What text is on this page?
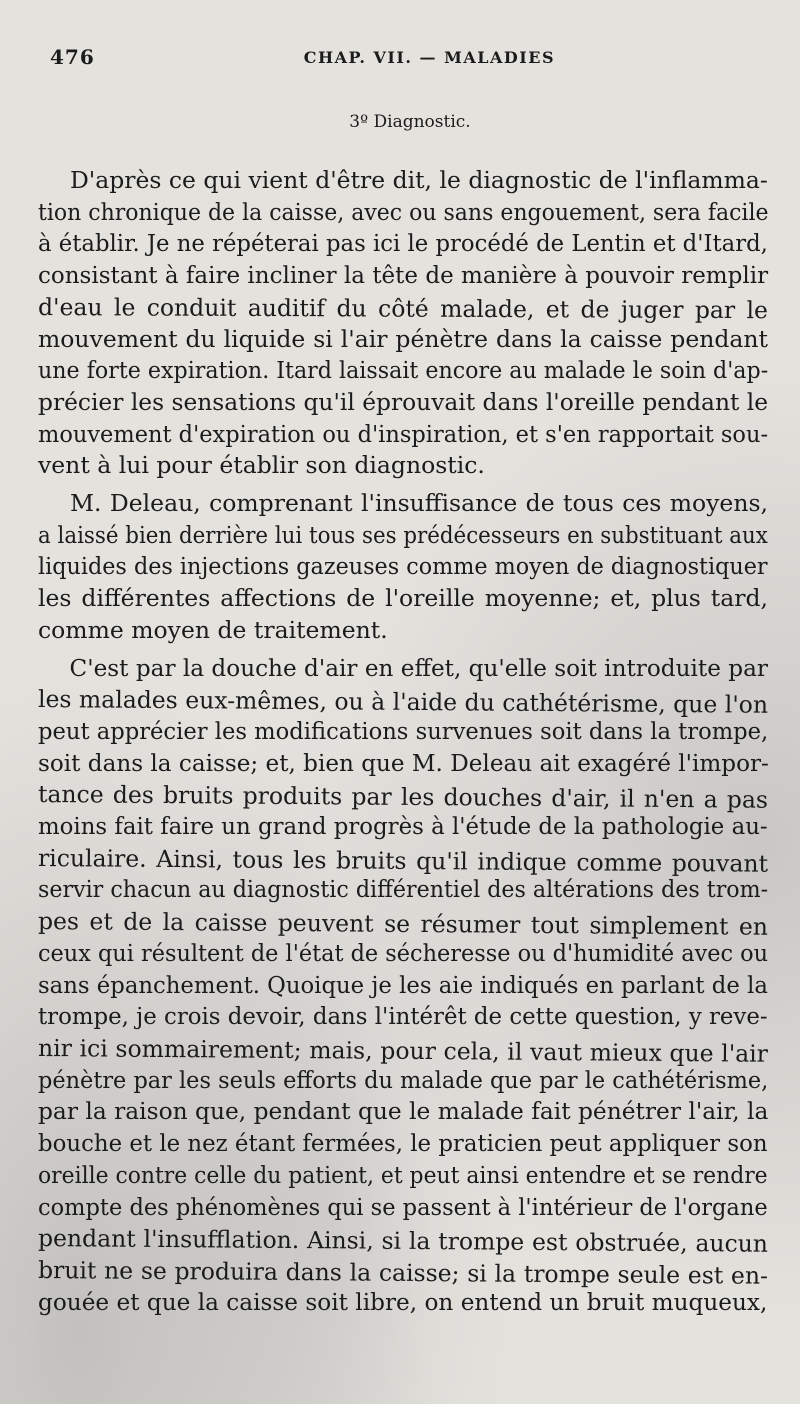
476	CHAP. VII. — MALADIES
3º Diagnostic.

D'après ce qui vient d'être dit, le diagnostic de l'inflamma-
tion chronique de la caisse, avec ou sans engouement, sera facile
à établir. Je ne répéterai pas ici le procédé de Lentin et d'Itard,
consistant à faire incliner la tête de manière à pouvoir remplir
d'eau le conduit auditif du côté malade, et de juger par le
mouvement du liquide si l'air pénètre dans la caisse pendant
une forte expiration. Itard laissait encore au malade le soin d'ap-
précier les sensations qu'il éprouvait dans l'oreille pendant le
mouvement d'expiration ou d'inspiration, et s'en rapportait sou-
vent à lui pour établir son diagnostic.

M. Deleau, comprenant l'insuffisance de tous ces moyens,
a laissé bien derrière lui tous ses prédécesseurs en substituant aux
liquides des injections gazeuses comme moyen de diagnostiquer
les différentes affections de l'oreille moyenne; et, plus tard,
comme moyen de traitement.

C'est par la douche d'air en effet, qu'elle soit introduite par
les malades eux-mêmes, ou à l'aide du cathétérisme, que l'on
peut apprécier les modifications survenues soit dans la trompe,
soit dans la caisse; et, bien que M. Deleau ait exagéré l'impor-
tance des bruits produits par les douches d'air, il n'en a pas
moins fait faire un grand progrès à l'étude de la pathologie au-
riculaire. Ainsi, tous les bruits qu'il indique comme pouvant
servir chacun au diagnostic différentiel des altérations des trom-
pes et de la caisse peuvent se résumer tout simplement en
ceux qui résultent de l'état de sécheresse ou d'humidité avec ou
sans épanchement. Quoique je les aie indiqués en parlant de la
trompe, je crois devoir, dans l'intérêt de cette question, y reve-
nir ici sommairement; mais, pour cela, il vaut mieux que l'air
pénètre par les seuls efforts du malade que par le cathétérisme,
par la raison que, pendant que le malade fait pénétrer l'air, la
bouche et le nez étant fermées, le praticien peut appliquer son
oreille contre celle du patient, et peut ainsi entendre et se rendre
compte des phénomènes qui se passent à l'intérieur de l'organe
pendant l'insufflation. Ainsi, si la trompe est obstruée, aucun
bruit ne se produira dans la caisse; si la trompe seule est en-
gouée et que la caisse soit libre, on entend un bruit muqueux,
